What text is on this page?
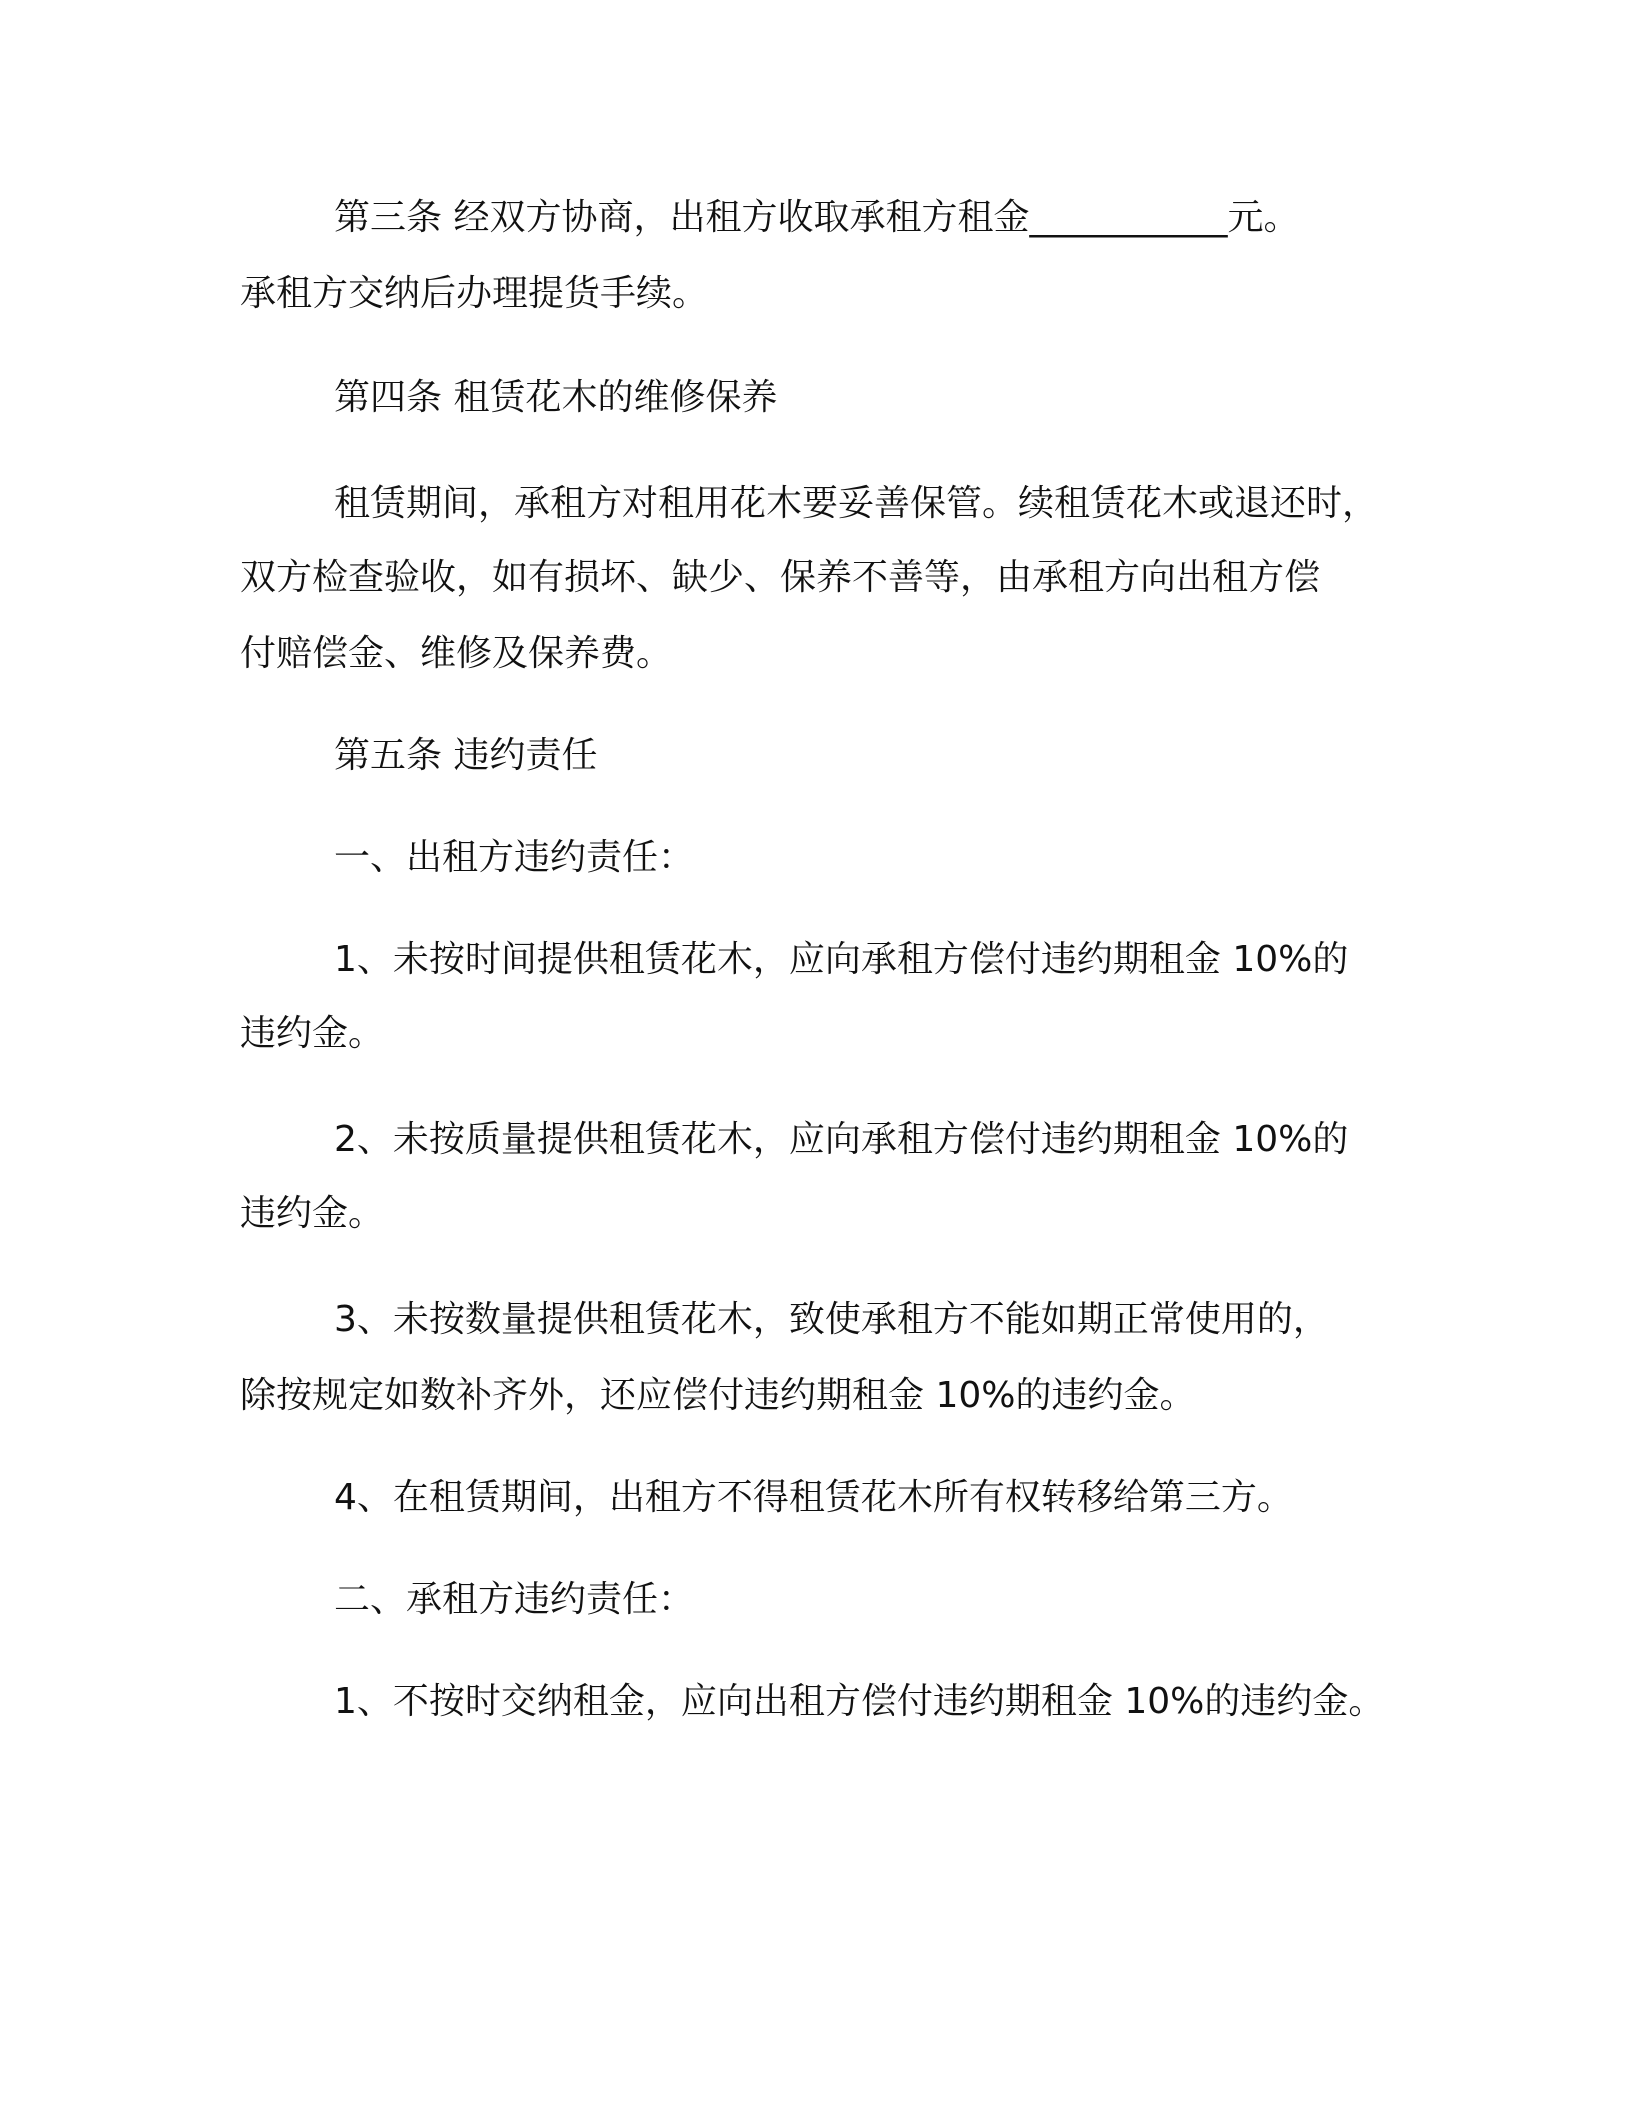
第三条 经双方协商，出租方收取承租方租金___________元。
承租方交纳后办理提货手续。
第四条 租赁花木的维修保养
租赁期间，承租方对租用花木要妥善保管。续租赁花木或退还时，
双方检查验收，如有损坏、缺少、保养不善等，由承租方向出租方偿
付赔偿金、维修及保养费。
第五条 违约责任
一、出租方违约责任：
1、未按时间提供租赁花木，应向承租方偿付违约期租金 10%的
违约金。
2、未按质量提供租赁花木，应向承租方偿付违约期租金 10%的
违约金。
3、未按数量提供租赁花木，致使承租方不能如期正常使用的，
除按规定如数补齐外，还应偿付违约期租金 10%的违约金。
4、在租赁期间，出租方不得租赁花木所有权转移给第三方。
二、承租方违约责任：
1、不按时交纳租金，应向出租方偿付违约期租金 10%的违约金。
